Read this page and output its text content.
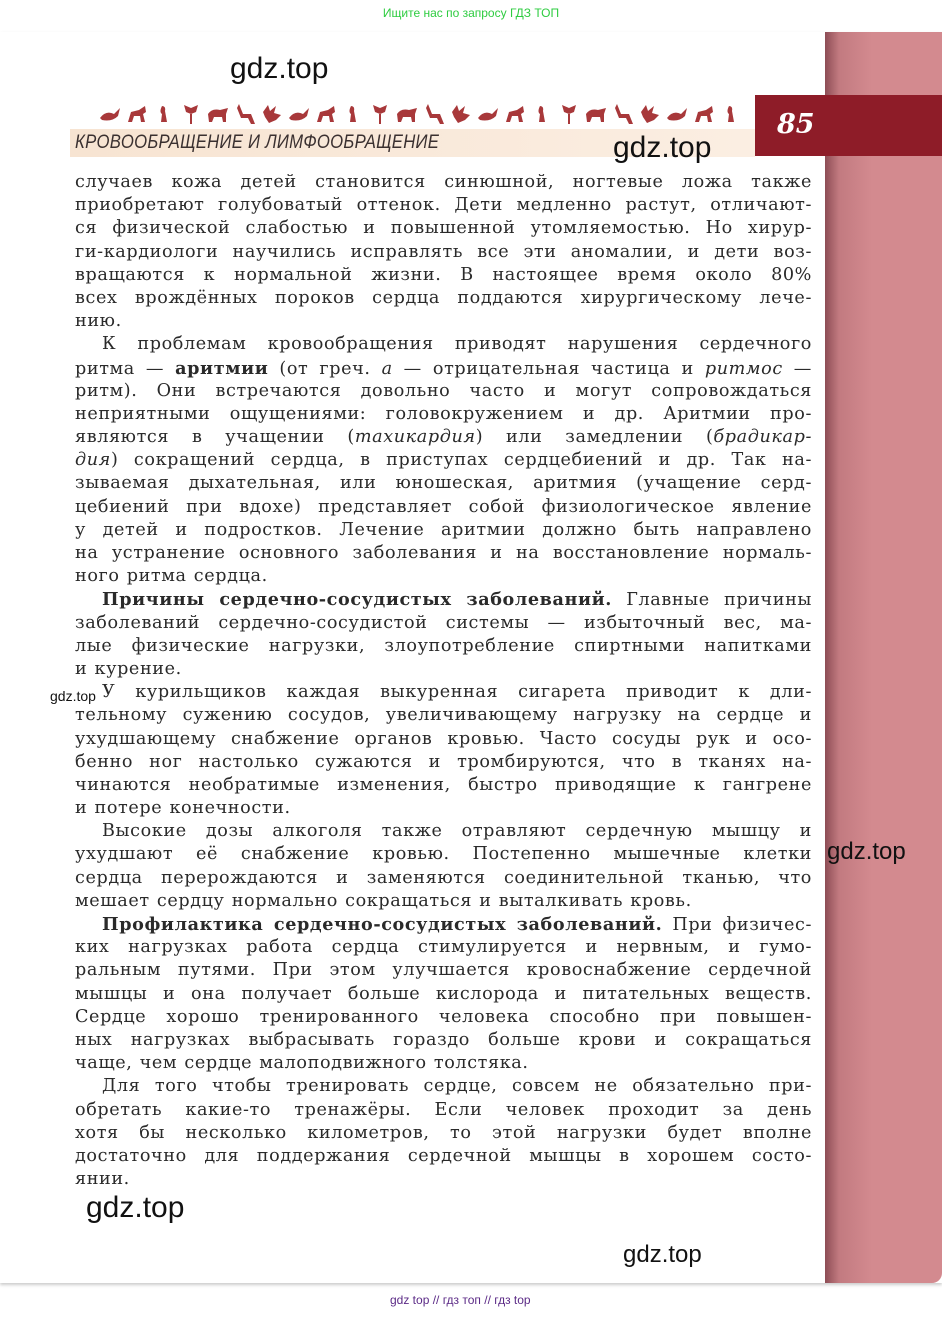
Ищите нас по запросу ГДЗ ТОП
85
КРОВООБРАЩЕНИЕ И ЛИМФООБРАЩЕНИЕ
случаев кожа детей становится синюшной, ногтевые ложа также
приобретают голубоватый оттенок. Дети медленно растут, отличают-
ся физической слабостью и повышенной утомляемостью. Но хирур-
ги-кардиологи научились исправлять все эти аномалии, и дети воз-
вращаются к нормальной жизни. В настоящее время около 80%
всех врождённых пороков сердца поддаются хирургическому лече-
нию.
К проблемам кровообращения приводят нарушения сердечного
ритма — аритмии (от греч. а — отрицательная частица и ритмос —
ритм). Они встречаются довольно часто и могут сопровождаться
неприятными ощущениями: головокружением и др. Аритмии про-
являются в учащении (тахикардия) или замедлении (брадикар-
дия) сокращений сердца, в приступах сердцебиений и др. Так на-
зываемая дыхательная, или юношеская, аритмия (учащение серд-
цебиений при вдохе) представляет собой физиологическое явление
у детей и подростков. Лечение аритмии должно быть направлено
на устранение основного заболевания и на восстановление нормаль-
ного ритма сердца.
Причины сердечно-сосудистых заболеваний. Главные причины
заболеваний сердечно-сосудистой системы — избыточный вес, ма-
лые физические нагрузки, злоупотребление спиртными напитками
и курение.
У курильщиков каждая выкуренная сигарета приводит к дли-
тельному сужению сосудов, увеличивающему нагрузку на сердце и
ухудшающему снабжение органов кровью. Часто сосуды рук и осо-
бенно ног настолько сужаются и тромбируются, что в тканях на-
чинаются необратимые изменения, быстро приводящие к гангрене
и потере конечности.
Высокие дозы алкоголя также отравляют сердечную мышцу и
ухудшают её снабжение кровью. Постепенно мышечные клетки
сердца перерождаются и заменяются соединительной тканью, что
мешает сердцу нормально сокращаться и выталкивать кровь.
Профилактика сердечно-сосудистых заболеваний. При физичес-
ких нагрузках работа сердца стимулируется и нервным, и гумо-
ральным путями. При этом улучшается кровоснабжение сердечной
мышцы и она получает больше кислорода и питательных веществ.
Сердце хорошо тренированного человека способно при повышен-
ных нагрузках выбрасывать гораздо больше крови и сокращаться
чаще, чем сердце малоподвижного толстяка.
Для того чтобы тренировать сердце, совсем не обязательно при-
обретать какие-то тренажёры. Если человек проходит за день
хотя бы несколько километров, то этой нагрузки будет вполне
достаточно для поддержания сердечной мышцы в хорошем состо-
янии.
gdz.top
gdz.top
gdz.top
gdz.top
gdz.top
gdz.top
gdz top // гдз топ // гдз top
